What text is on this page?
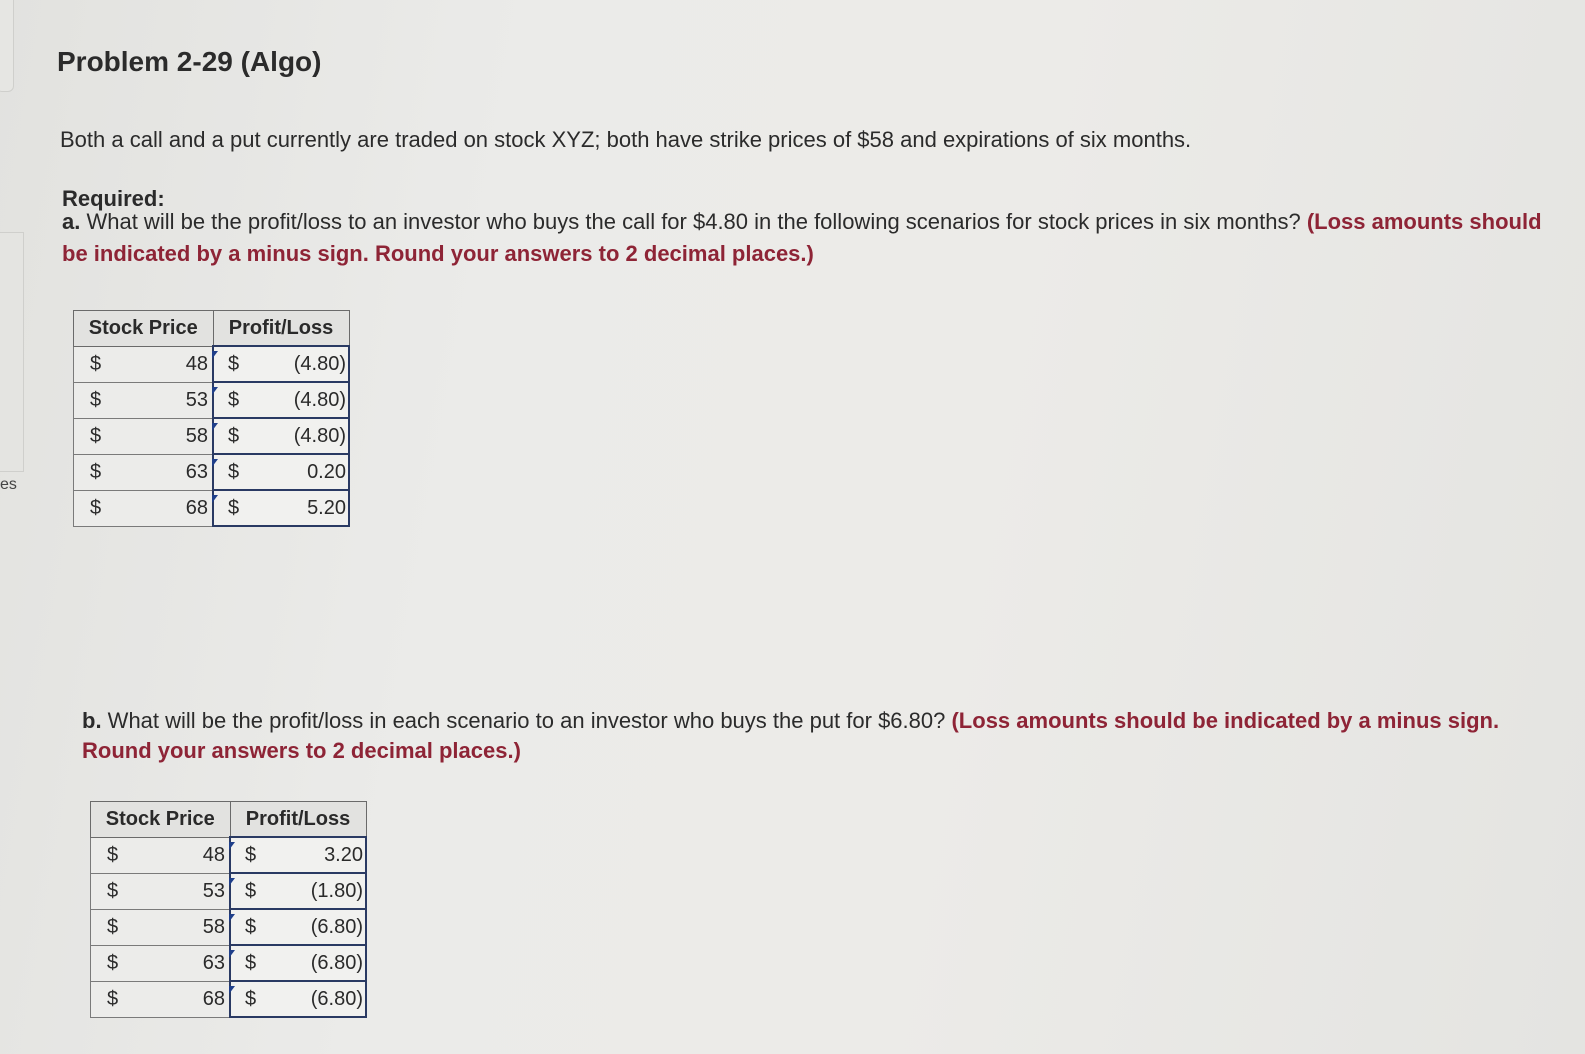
es
Problem 2-29 (Algo)
Both a call and a put currently are traded on stock XYZ; both have strike prices of $58 and expirations of six months.
Required:
a. What will be the profit/loss to an investor who buys the call for $4.80 in the following scenarios for stock prices in six months? (Loss amounts should be indicated by a minus sign. Round your answers to 2 decimal places.)
Stock Price	Profit/Loss

$ 48	$ (4.80)

$ 53	$ (4.80)

$ 58	$ (4.80)

$ 63	$ 0.20

$ 68	$ 5.20
b. What will be the profit/loss in each scenario to an investor who buys the put for $6.80? (Loss amounts should be indicated by a minus sign. Round your answers to 2 decimal places.)
Stock Price	Profit/Loss

$ 48	$ 3.20

$ 53	$ (1.80)

$ 58	$ (6.80)

$ 63	$ (6.80)

$ 68	$ (6.80)
